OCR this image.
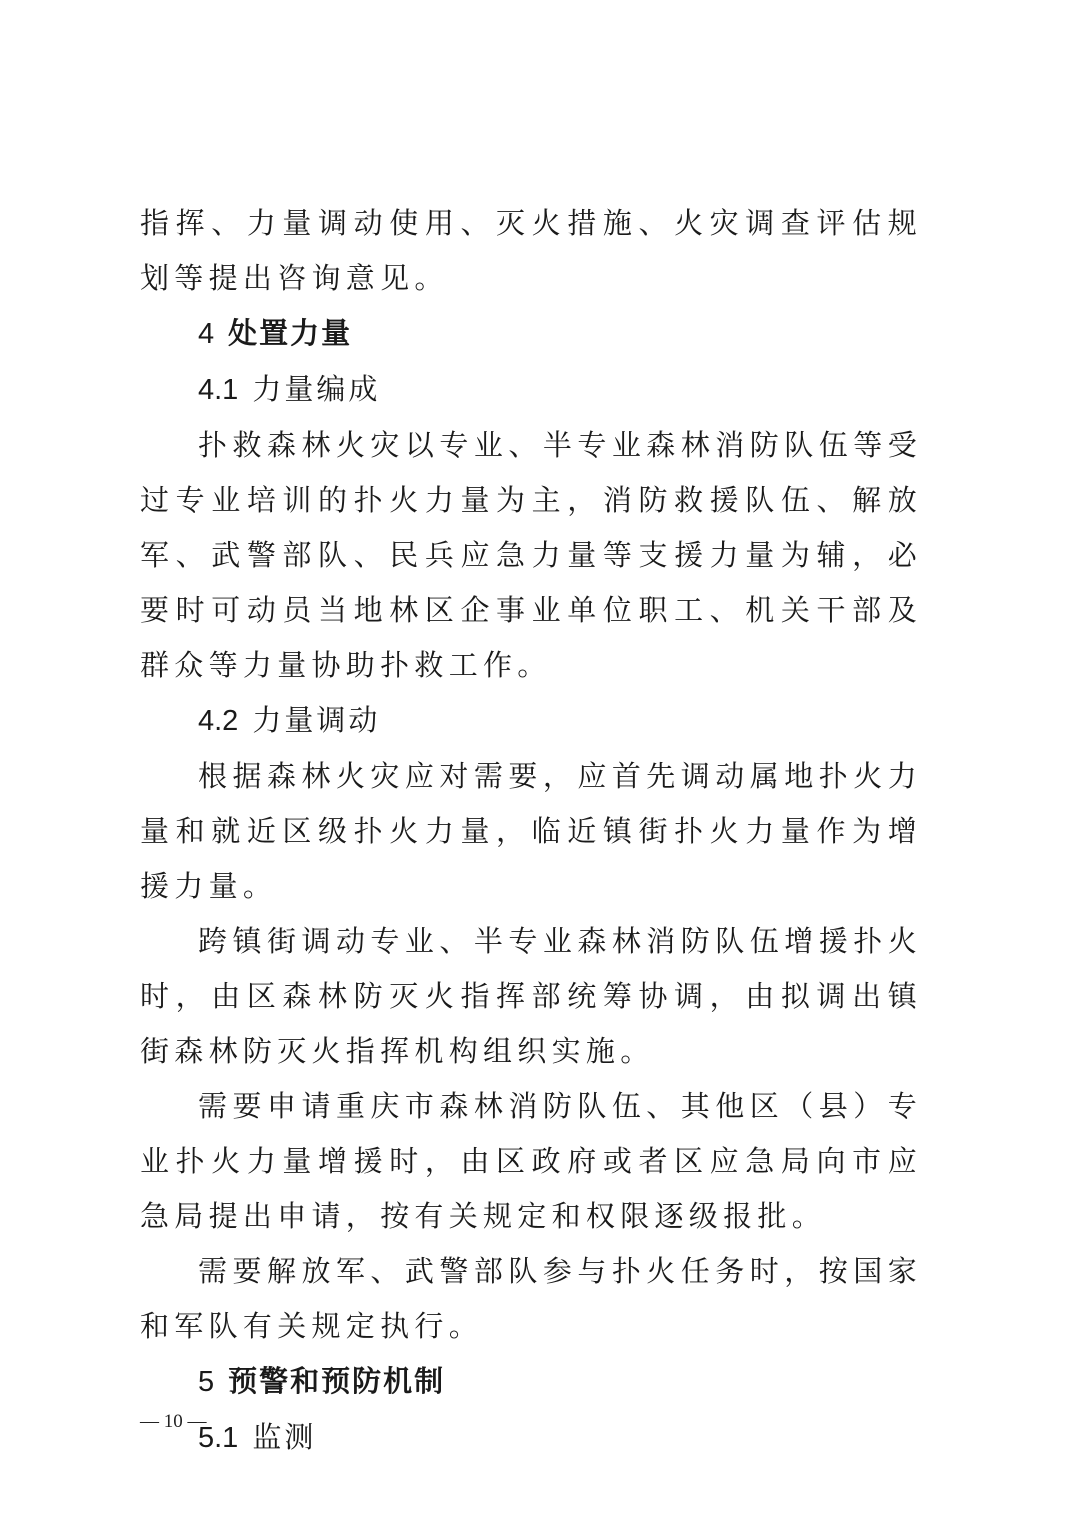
指挥、力量调动使用、灭火措施、火灾调查评估规划等提出咨询意见。

4 处置力量

4.1 力量编成

扑救森林火灾以专业、半专业森林消防队伍等受过专业培训的扑火力量为主，消防救援队伍、解放军、武警部队、民兵应急力量等支援力量为辅，必要时可动员当地林区企事业单位职工、机关干部及群众等力量协助扑救工作。

4.2 力量调动

根据森林火灾应对需要，应首先调动属地扑火力量和就近区级扑火力量，临近镇街扑火力量作为增援力量。

跨镇街调动专业、半专业森林消防队伍增援扑火时，由区森林防灭火指挥部统筹协调，由拟调出镇街森林防灭火指挥机构组织实施。

需要申请重庆市森林消防队伍、其他区（县）专业扑火力量增援时，由区政府或者区应急局向市应急局提出申请，按有关规定和权限逐级报批。

需要解放军、武警部队参与扑火任务时，按国家和军队有关规定执行。

5 预警和预防机制

5.1 监测

— 10 —
